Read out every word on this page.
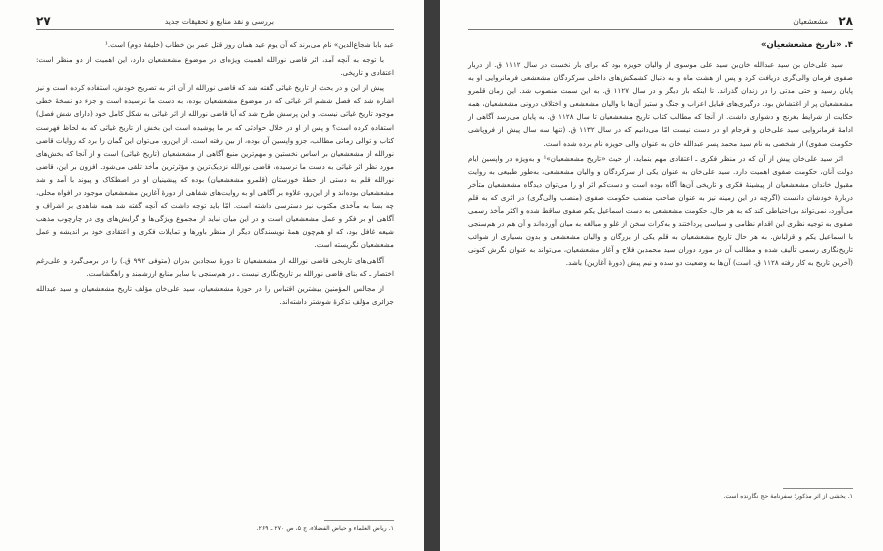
۲۷	بررسی و نقد منابع و تحقیقات جدید

عبد بابا شجاع‌الدین» نام می‌برند که آن یوم عید همان روز قتل عمر بن خطاب (خلیفهٔ دوم) است.¹

با توجه به آنچه آمد، اثر قاضی نورالله اهمیت ویژه‌ای در موضوع مشعشعیان دارد، این اهمیت از دو منظر است: اعتقادی و تاریخی.

پیش از این و در بحث از تاریخ غیاثی گفته شد که قاضی نورالله از آن اثر به تصریح خودش، استفاده کرده است و نیز اشاره شد که فصل ششم اثر غیاثی که در موضوع مشعشعیان بوده، به دست ما نرسیده است و جزء دو نسخهٔ خطی موجود تاریخ غیاثی نیست. و این پرسش طرح شد که آیا قاضی نورالله از اثر غیاثی به شکل کامل خود (دارای شش فصل) استفاده کرده است؟ و پس از او در خلال حوادثی که بر ما پوشیده است این بخش از تاریخ غیاثی که به لحاظ فهرست کتاب و توالی زمانی مطالب، جزو واپسین آن بوده، از بین رفته است. از این‌رو، می‌توان این گمان را برد که روایات قاضی نورالله از مشعشعیان بر اساس نخستین و مهم‌ترین منبع آگاهی از مشعشعیان (تاریخ غیاثی) است و از آنجا که بخش‌های مورد نظر اثر غیاثی به دست ما نرسیده، قاضی نورالله نزدیک‌ترین و مؤثرترین مأخذ تلقی می‌شود. افزون بر این، قاضی نورالله قلم به دستی از حطهٔ خوزستان (قلمرو مشعشعیان) بوده که پیشینیان او در اصطکاک و پیوند با آمد و شد مشعشعیان بوده‌اند و از این‌رو، علاوه بر آگاهی او به روایت‌های شفاهی از دورهٔ آغازین مشعشعیان موجود در افواه محلی، چه بسا به مآخذی مکتوب نیز دسترسی داشته است. امّا باید توجه داشت که آنچه گفته شد همه شاهدی بر اشراف و آگاهی او بر فکر و عمل مشعشعیان است و در این میان نباید از مجموع ویژگی‌ها و گرایش‌های وی در چارچوب مذهب شیعه غافل بود، که او هم‌چون همهٔ نویسندگان دیگر از منظر باورها و تمایلات فکری و اعتقادی خود بر اندیشه و عمل مشعشعیان نگریسته است.

آگاهی‌های تاریخی قاضی نورالله از مشعشعیان تا دورهٔ سجادبن بدران (متوفی ۹۹۲ ق.) را در برمی‌گیرد و علی‌رغم اختصار ـ که بنای قاضی نورالله بر تاریخ‌نگاری نیست ـ در هم‌سنجی با سایر منابع ارزشمند و راهگشاست.

از مجالس المؤمنین بیشترین اقتباس را در حوزهٔ مشعشعیان، سید علی‌خان مؤلف تاریخ مشعشعیان و سید عبدالله جزائری مؤلف تذکرهٔ شوشتر داشته‌اند.

۱. ریاض العلماء و حیاض الفضلاء، ج ۵، ص ۲۷۰ ـ ۲۶۹.
۲۸
مشعشعیان
۴. «تاریخ مشعشعیان»

سید علی‌خان بن سید عبدالله خان‌بن سید علی موسوی از والیان حویزه بود که برای بار نخست در سال ۱۱۱۲ ق. از دربار صفوی فرمان والی‌گری دریافت کرد و پس از هشت ماه و به دنبال کشمکش‌های داخلی سرکردگان مشعشعی فرمانروایی او به پایان رسید و حتی مدتی را در زندان گذراند. تا اینکه بار دیگر و در سال ۱۱۲۷ ق. به این سمت منصوب شد. این زمان قلمرو مشعشعیان پر از اغتشاش بود. درگیری‌های قبایل اعراب و جنگ و ستیز آن‌ها با والیان مشعشعی و اختلاف درونی مشعشعیان، همه حکایت از شرایط بغرنج و دشواری داشت. از آنجا که مطالب کتاب تاریخ مشعشعیان تا سال ۱۱۲۸ ق. به پایان می‌رسد آگاهی از ادامهٔ فرمانروایی سید علی‌خان و فرجام او در دست نیست امّا می‌دانیم که در سال ۱۱۳۲ ق. (تنها سه سال پیش از فروپاشی حکومت صفوی) از شخصی به نام سید محمد پسر عبدالله خان به عنوان والی حویزه نام برده شده است.

اثر سید علی‌خان پیش از آن که در منظر فکری ـ اعتقادی مهم بنماید، از حیث «تاریخ مشعشعیان»¹ و به‌ویژه در واپسین ایام دولت آنان، حکومت صفوی اهمیت دارد. سید علی‌خان به عنوان یکی از سرکردگان و والیان مشعشعی، به‌طور طبیعی به روایت مقبول خاندان مشعشعیان از پیشینهٔ فکری و تاریخی آن‌ها آگاه بوده است و دست‌کم اثر او را می‌توان دیدگاه مشعشعیان متأخر دربارهٔ خودشان دانست (اگرچه در این زمینه نیز به عنوان صاحب منصب حکومت صفوی (منصب والی‌گری) در اثری که به قلم می‌آورد، نمی‌تواند بی‌احتیاطی کند که به هر حال، حکومت مشعشعی به دست اسماعیل یکم صفوی ساقط شده و اکثر مآخذ رسمی صفوی به توجیه نظری این اقدام نظامی و سیاسی پرداختند و به‌کرات سخن از غلو و مبالغه به میان آورده‌اند و آن هم در هم‌سنجی با اسماعیل یکم و قزلباش. به هر حال تاریخ مشعشعیان به قلم یکی از بزرگان و والیان مشعشعی و بدون بسیاری از شوائب تاریخ‌نگاری رسمی تألیف شده و مطالب آن در مورد دوران سید محمدبن فلاح و آغاز مشعشعیان، می‌تواند به عنوان نگرش کنونی (آخرین تاریخ به کار رفته ۱۱۲۸ ق. است) آن‌ها به وضعیت دو سده و نیم پیش (دورهٔ آغازین) باشد.

۱. یخشی از اثر مذکور؛ سفرنامهٔ حج نگارنده است.
